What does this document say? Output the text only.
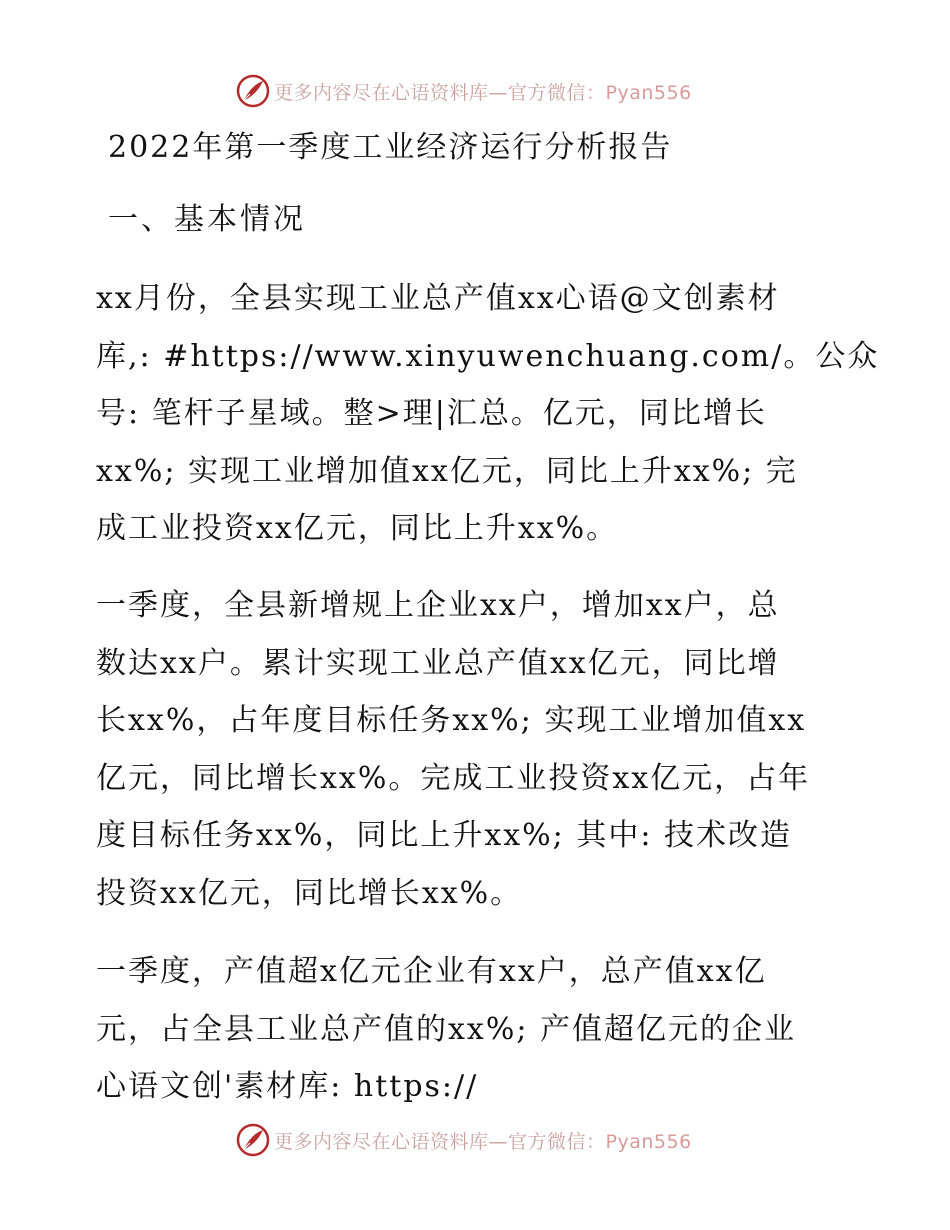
更多内容尽在心语资料库—官方微信：Pyan556
2022年第一季度工业经济运行分析报告
一、基本情况
xx月份，全县实现工业总产值xx心语@文创素材
库,: #https://www.xinyuwenchuang.com/。公众
号: 笔杆子星域。整>理|汇总。亿元，同比增长
xx%; 实现工业增加值xx亿元，同比上升xx%; 完
成工业投资xx亿元，同比上升xx%。
一季度，全县新增规上企业xx户，增加xx户，总
数达xx户。累计实现工业总产值xx亿元，同比增
长xx%，占年度目标任务xx%; 实现工业增加值xx
亿元，同比增长xx%。完成工业投资xx亿元，占年
度目标任务xx%，同比上升xx%; 其中: 技术改造
投资xx亿元，同比增长xx%。
一季度，产值超x亿元企业有xx户，总产值xx亿
元，占全县工业总产值的xx%; 产值超亿元的企业
心语文创'素材库: https://
更多内容尽在心语资料库—官方微信：Pyan556
